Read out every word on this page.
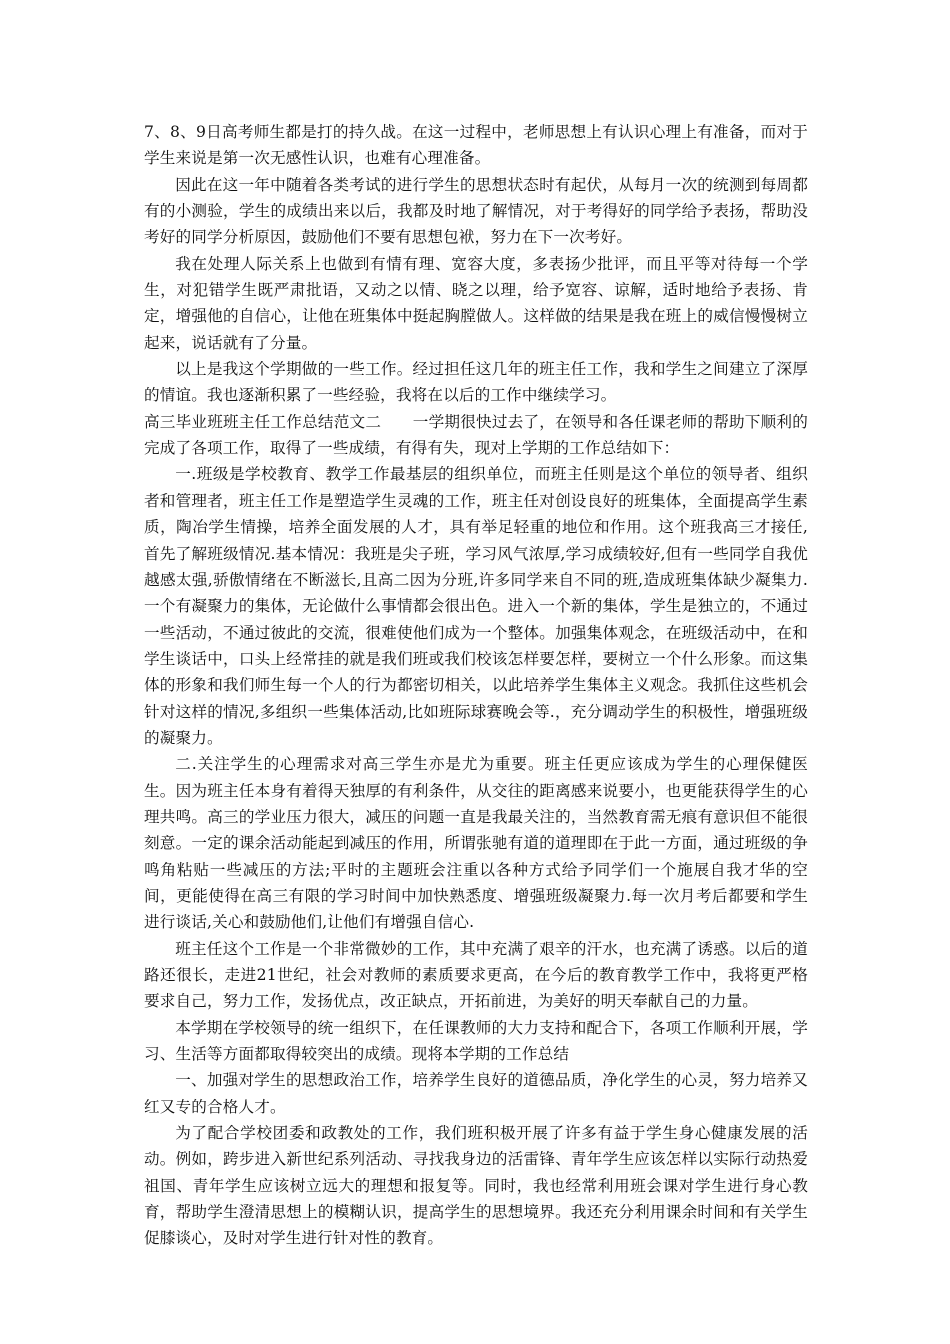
7、8、9日高考师生都是打的持久战。在这一过程中，老师思想上有认识心理上有准备，而对于学生来说是第一次无感性认识，也难有心理准备。

因此在这一年中随着各类考试的进行学生的思想状态时有起伏，从每月一次的统测到每周都有的小测验，学生的成绩出来以后，我都及时地了解情况，对于考得好的同学给予表扬，帮助没考好的同学分析原因，鼓励他们不要有思想包袱，努力在下一次考好。

我在处理人际关系上也做到有情有理、宽容大度，多表扬少批评，而且平等对待每一个学生，对犯错学生既严肃批语，又动之以情、晓之以理，给予宽容、谅解，适时地给予表扬、肯定，增强他的自信心，让他在班集体中挺起胸膛做人。这样做的结果是我在班上的威信慢慢树立起来，说话就有了分量。

以上是我这个学期做的一些工作。经过担任这几年的班主任工作，我和学生之间建立了深厚的情谊。我也逐渐积累了一些经验，我将在以后的工作中继续学习。

高三毕业班班主任工作总结范文二　　一学期很快过去了，在领导和各任课老师的帮助下顺利的完成了各项工作，取得了一些成绩，有得有失，现对上学期的工作总结如下：

一.班级是学校教育、教学工作最基层的组织单位，而班主任则是这个单位的领导者、组织者和管理者，班主任工作是塑造学生灵魂的工作，班主任对创设良好的班集体，全面提高学生素质，陶冶学生情操，培养全面发展的人才，具有举足轻重的地位和作用。这个班我高三才接任,首先了解班级情况.基本情况：我班是尖子班，学习风气浓厚,学习成绩较好,但有一些同学自我优越感太强,骄傲情绪在不断滋长,且高二因为分班,许多同学来自不同的班,造成班集体缺少凝集力.一个有凝聚力的集体，无论做什么事情都会很出色。进入一个新的集体，学生是独立的，不通过一些活动，不通过彼此的交流，很难使他们成为一个整体。加强集体观念，在班级活动中，在和学生谈话中，口头上经常挂的就是我们班或我们校该怎样要怎样，要树立一个什么形象。而这集体的形象和我们师生每一个人的行为都密切相关，以此培养学生集体主义观念。我抓住这些机会针对这样的情况,多组织一些集体活动,比如班际球赛晚会等.，充分调动学生的积极性，增强班级的凝聚力。

二.关注学生的心理需求对高三学生亦是尤为重要。班主任更应该成为学生的心理保健医生。因为班主任本身有着得天独厚的有利条件，从交往的距离感来说要小，也更能获得学生的心理共鸣。高三的学业压力很大，减压的问题一直是我最关注的，当然教育需无痕有意识但不能很刻意。一定的课余活动能起到减压的作用，所谓张驰有道的道理即在于此一方面，通过班级的争鸣角粘贴一些减压的方法;平时的主题班会注重以各种方式给予同学们一个施展自我才华的空间，更能使得在高三有限的学习时间中加快熟悉度、增强班级凝聚力.每一次月考后都要和学生进行谈话,关心和鼓励他们,让他们有增强自信心.

班主任这个工作是一个非常微妙的工作，其中充满了艰辛的汗水，也充满了诱惑。以后的道路还很长，走进21世纪，社会对教师的素质要求更高，在今后的教育教学工作中，我将更严格要求自己，努力工作，发扬优点，改正缺点，开拓前进，为美好的明天奉献自己的力量。

本学期在学校领导的统一组织下，在任课教师的大力支持和配合下，各项工作顺利开展，学习、生活等方面都取得较突出的成绩。现将本学期的工作总结

一、加强对学生的思想政治工作，培养学生良好的道德品质，净化学生的心灵，努力培养又红又专的合格人才。

为了配合学校团委和政教处的工作，我们班积极开展了许多有益于学生身心健康发展的活动。例如，跨步进入新世纪系列活动、寻找我身边的活雷锋、青年学生应该怎样以实际行动热爱祖国、青年学生应该树立远大的理想和报复等。同时，我也经常利用班会课对学生进行身心教育，帮助学生澄清思想上的模糊认识，提高学生的思想境界。我还充分利用课余时间和有关学生促膝谈心，及时对学生进行针对性的教育。
